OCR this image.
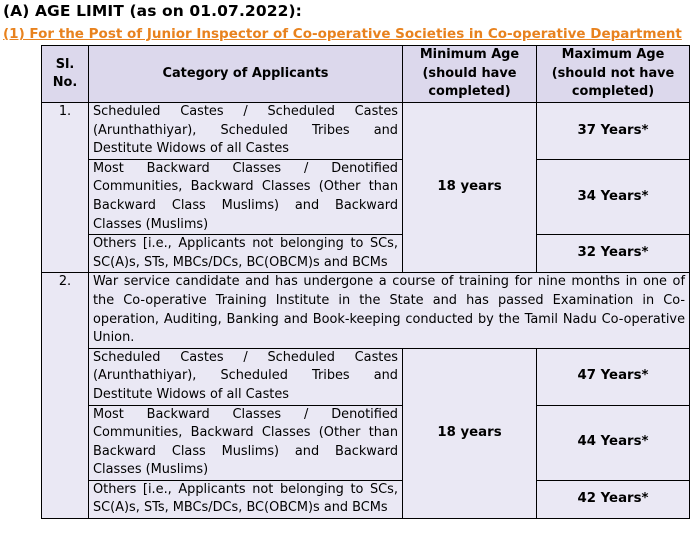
(A) AGE LIMIT (as on 01.07.2022):
(1) For the Post of Junior Inspector of Co-operative Societies in Co-operative Department
Sl. No.	Category of Applicants	Minimum Age (should have completed)	Maximum Age (should not have completed)
1.	Scheduled Castes / Scheduled Castes (Arunthathiyar), Scheduled Tribes and Destitute Widows of all Castes	18 years	37 Years*
	Most Backward Classes / Denotified Communities, Backward Classes (Other than Backward Class Muslims) and Backward Classes (Muslims)		34 Years*
	Others [i.e., Applicants not belonging to SCs, SC(A)s, STs, MBCs/DCs, BC(OBCM)s and BCMs		32 Years*
2.	War service candidate and has undergone a course of training for nine months in one of the Co-operative Training Institute in the State and has passed Examination in Co-operation, Auditing, Banking and Book-keeping conducted by the Tamil Nadu Co-operative Union.		
	Scheduled Castes / Scheduled Castes (Arunthathiyar), Scheduled Tribes and Destitute Widows of all Castes	18 years	47 Years*
	Most Backward Classes / Denotified Communities, Backward Classes (Other than Backward Class Muslims) and Backward Classes (Muslims)		44 Years*
	Others [i.e., Applicants not belonging to SCs, SC(A)s, STs, MBCs/DCs, BC(OBCM)s and BCMs		42 Years*
